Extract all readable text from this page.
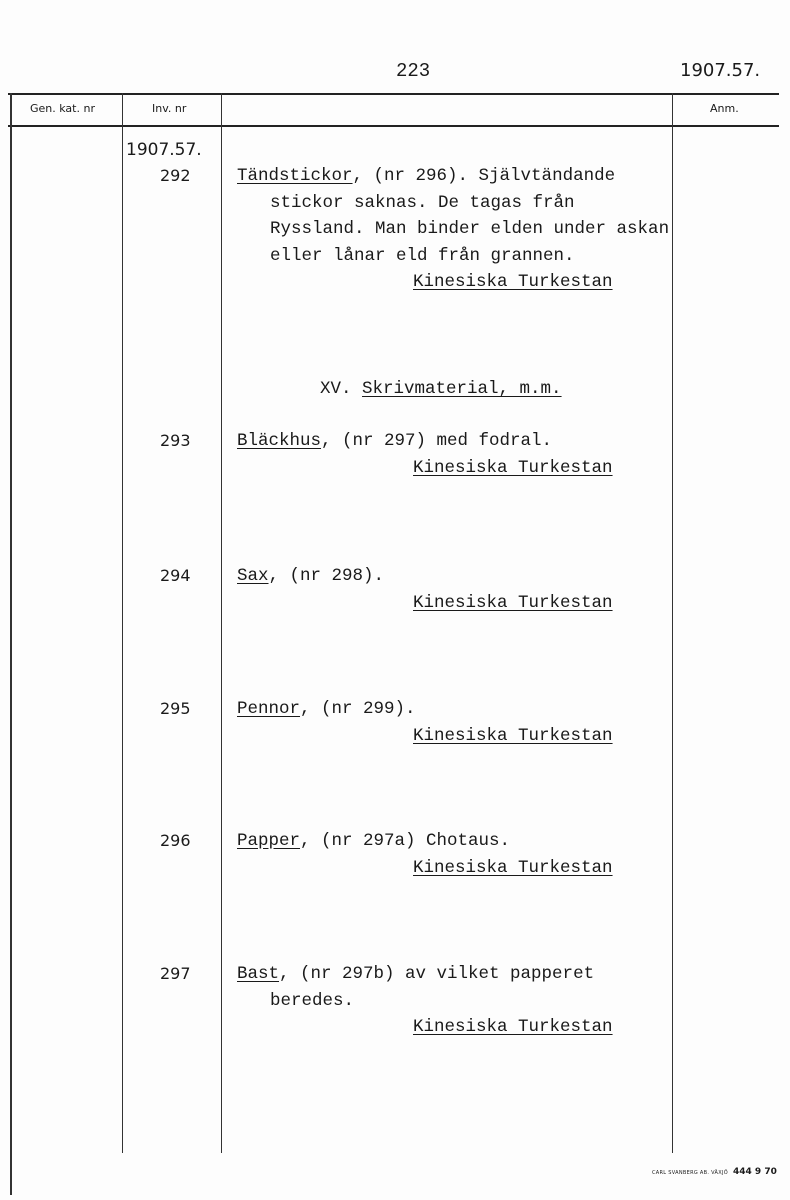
223	1907.57.
Gen. kat. nr	Inv. nr	Anm.
1907.57.
292	Tändstickor, (nr 296). Självtändande
stickor saknas. De tagas från
Ryssland. Man binder elden under askan
eller lånar eld från grannen.
Kinesiska Turkestan
293	Bläckhus, (nr 297) med fodral.
Kinesiska Turkestan
294	Sax, (nr 298).
Kinesiska Turkestan
295	Pennor, (nr 299).
Kinesiska Turkestan
296	Papper, (nr 297a) Chotaus.
Kinesiska Turkestan
297	Bast, (nr 297b) av vilket papperet
beredes.
Kinesiska Turkestan
XV. Skrivmaterial, m.m.
CARL SVANBERG AB. VÄXJÖ 444 9 70
